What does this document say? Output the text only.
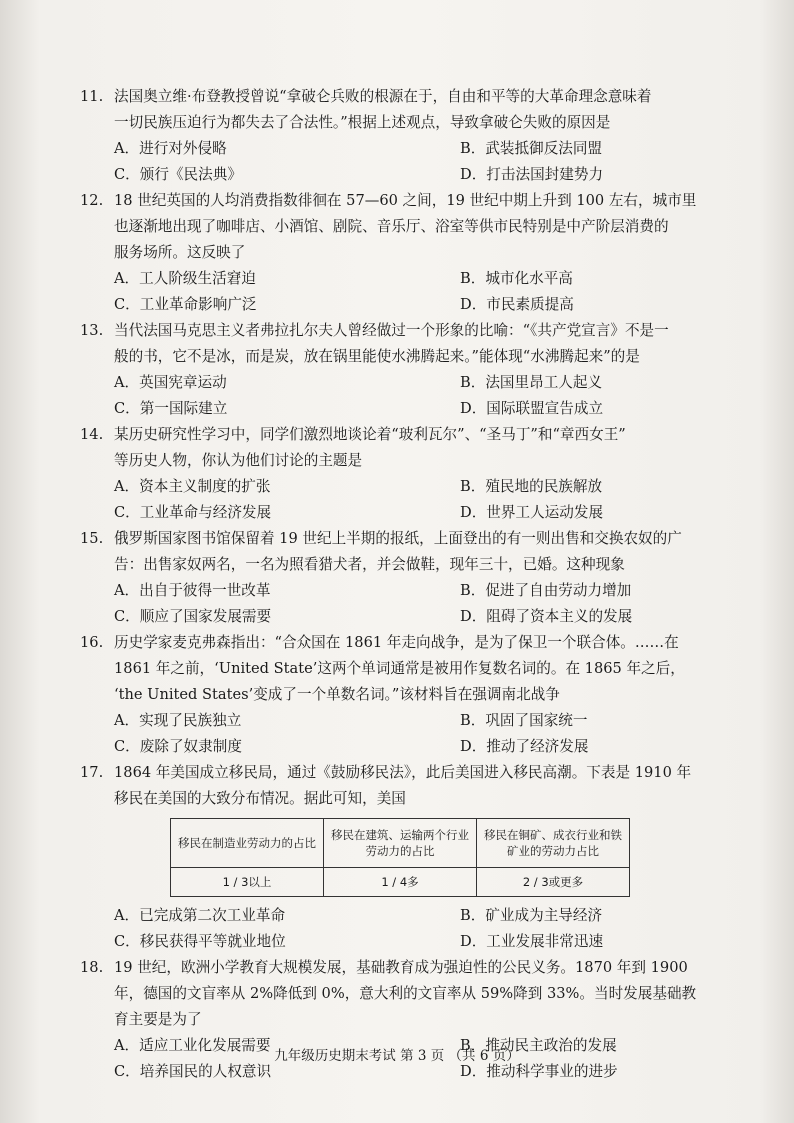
11. 法国奥立维·布登教授曾说“拿破仑兵败的根源在于，自由和平等的大革命理念意味着
一切民族压迫行为都失去了合法性。”根据上述观点，导致拿破仑失败的原因是
A．进行对外侵略	B．武装抵御反法同盟
C．颁行《民法典》	D．打击法国封建势力
12. 18 世纪英国的人均消费指数徘徊在 57—60 之间，19 世纪中期上升到 100 左右，城市里
也逐渐地出现了咖啡店、小酒馆、剧院、音乐厅、浴室等供市民特别是中产阶层消费的
服务场所。这反映了
A．工人阶级生活窘迫	B．城市化水平高
C．工业革命影响广泛	D．市民素质提高
13. 当代法国马克思主义者弗拉扎尔夫人曾经做过一个形象的比喻：“《共产党宣言》不是一
般的书，它不是冰，而是炭，放在锅里能使水沸腾起来。”能体现“水沸腾起来”的是
A．英国宪章运动	B．法国里昂工人起义
C．第一国际建立	D．国际联盟宣告成立
14. 某历史研究性学习中，同学们激烈地谈论着“玻利瓦尔”、“圣马丁”和“章西女王”
等历史人物，你认为他们讨论的主题是
A．资本主义制度的扩张	B．殖民地的民族解放
C．工业革命与经济发展	D．世界工人运动发展
15. 俄罗斯国家图书馆保留着 19 世纪上半期的报纸，上面登出的有一则出售和交换农奴的广
告：出售家奴两名，一名为照看猎犬者，并会做鞋，现年三十，已婚。这种现象
A．出自于彼得一世改革	B．促进了自由劳动力增加
C．顺应了国家发展需要	D．阻碍了资本主义的发展
16. 历史学家麦克弗森指出：“合众国在 1861 年走向战争，是为了保卫一个联合体。……在
1861 年之前，‘United State’这两个单词通常是被用作复数名词的。在 1865 年之后，
‘the United States’变成了一个单数名词。”该材料旨在强调南北战争
A．实现了民族独立	B．巩固了国家统一
C．废除了奴隶制度	D．推动了经济发展
17. 1864 年美国成立移民局，通过《鼓励移民法》，此后美国进入移民高潮。下表是 1910 年
移民在美国的大致分布情况。据此可知，美国
移民在制造业劳动力的占比	移民在建筑、运输两个行业劳动力的占比	移民在铜矿、成衣行业和铁矿业的劳动力占比
1 / 3以上	1 / 4多	2 / 3或更多
A．已完成第二次工业革命	B．矿业成为主导经济
C．移民获得平等就业地位	D．工业发展非常迅速
18. 19 世纪，欧洲小学教育大规模发展，基础教育成为强迫性的公民义务。1870 年到 1900
年，德国的文盲率从 2%降低到 0%，意大利的文盲率从 59%降到 33%。当时发展基础教
育主要是为了
A．适应工业化发展需要	B．推动民主政治的发展
C．培养国民的人权意识	D．推动科学事业的进步
九年级历史期末考试 第 3 页 （共 6 页）
